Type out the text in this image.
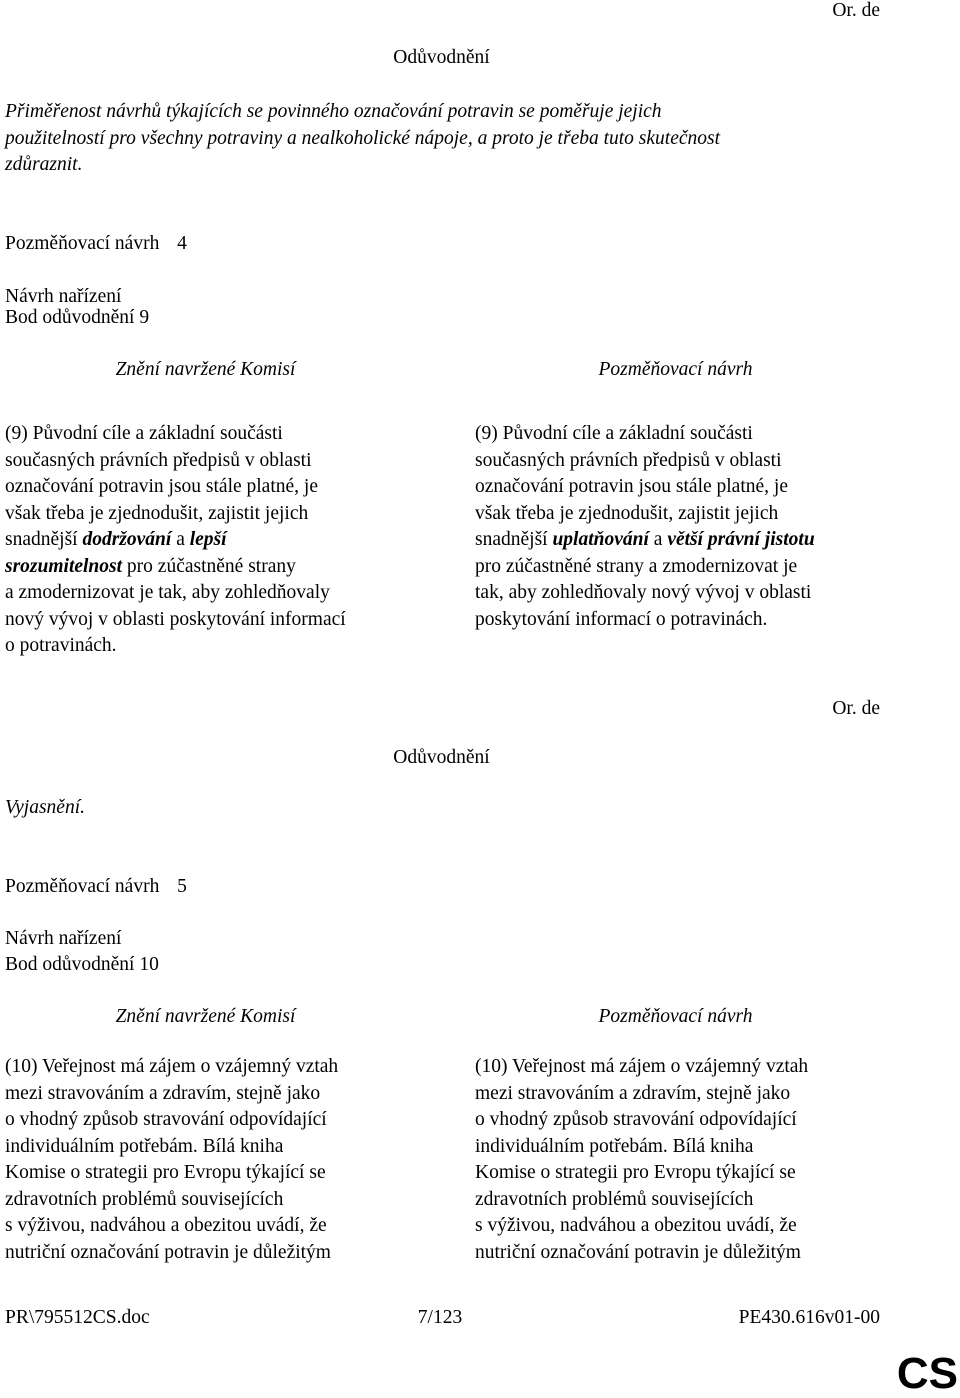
Or. de
Odůvodnění
Přiměřenost návrhů týkajících se povinného označování potravin se poměřuje jejich
použitelností pro všechny potraviny a nealkoholické nápoje, a proto je třeba tuto skutečnost
zdůraznit.
Pozměňovací návrh 4
Návrh nařízení
Bod odůvodnění 9
Znění navržené Komisí	Pozměňovací návrh

(9) Původní cíle a základní součásti
současných právních předpisů v oblasti
označování potravin jsou stále platné, je
však třeba je zjednodušit, zajistit jejich
snadnější dodržování a lepší
srozumitelnost pro zúčastněné strany
a zmodernizovat je tak, aby zohledňovaly
nový vývoj v oblasti poskytování informací
o potravinách.

(9) Původní cíle a základní součásti
současných právních předpisů v oblasti
označování potravin jsou stále platné, je
však třeba je zjednodušit, zajistit jejich
snadnější uplatňování a větší právní jistotu
pro zúčastněné strany a zmodernizovat je
tak, aby zohledňovaly nový vývoj v oblasti
poskytování informací o potravinách.

Or. de
Odůvodnění
Vyjasnění.
Pozměňovací návrh 5
Návrh nařízení
Bod odůvodnění 10
Znění navržené Komisí	Pozměňovací návrh

(10) Veřejnost má zájem o vzájemný vztah
mezi stravováním a zdravím, stejně jako
o vhodný způsob stravování odpovídající
individuálním potřebám. Bílá kniha
Komise o strategii pro Evropu týkající se
zdravotních problémů souvisejících
s výživou, nadváhou a obezitou uvádí, že
nutriční označování potravin je důležitým

(10) Veřejnost má zájem o vzájemný vztah
mezi stravováním a zdravím, stejně jako
o vhodný způsob stravování odpovídající
individuálním potřebám. Bílá kniha
Komise o strategii pro Evropu týkající se
zdravotních problémů souvisejících
s výživou, nadváhou a obezitou uvádí, že
nutriční označování potravin je důležitým

PR\795512CS.doc	7/123	PE430.616v01-00
CS
